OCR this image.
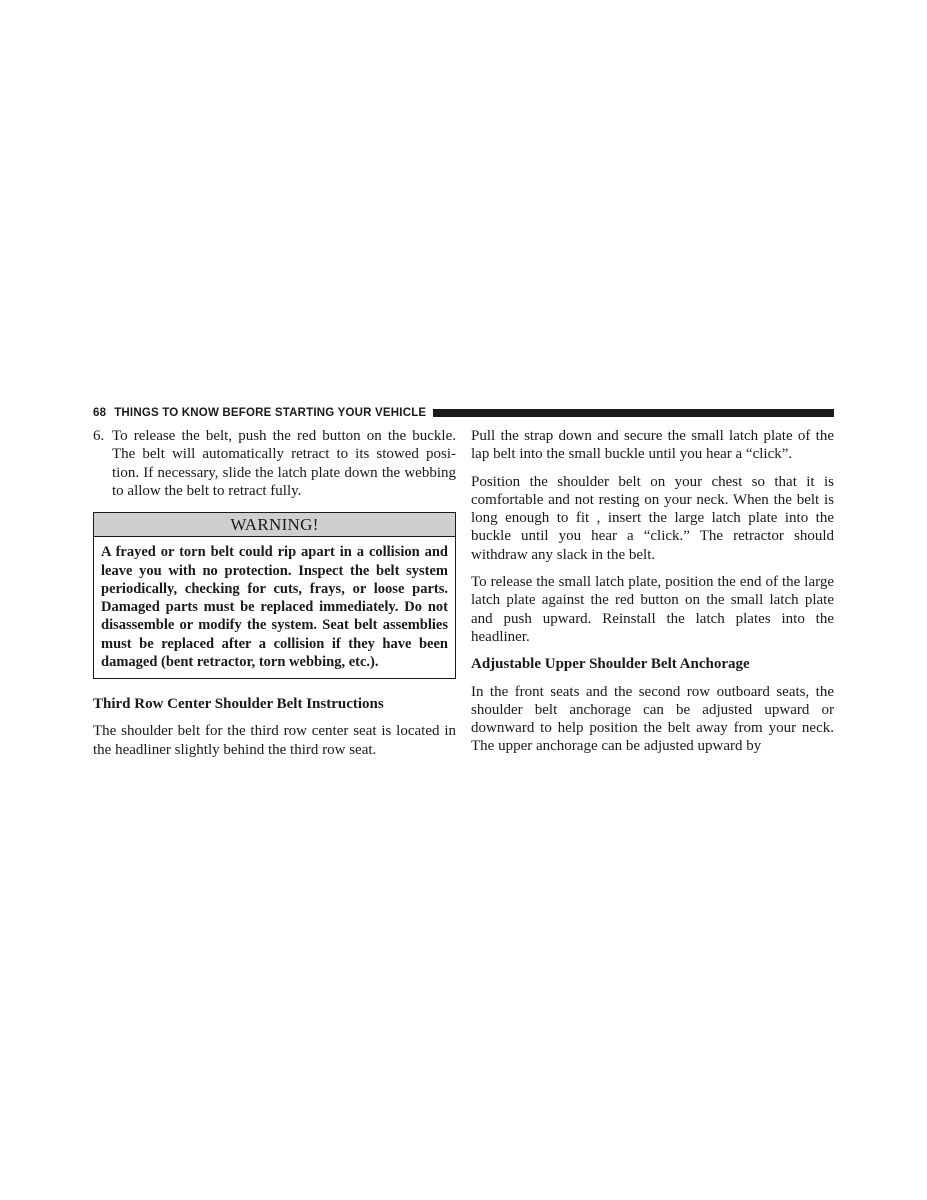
68 THINGS TO KNOW BEFORE STARTING YOUR VEHICLE
6. To release the belt, push the red button on the buckle. The belt will automatically retract to its stowed posi-tion. If necessary, slide the latch plate down the webbing to allow the belt to retract fully.
WARNING!
A frayed or torn belt could rip apart in a collision and leave you with no protection. Inspect the belt system periodically, checking for cuts, frays, or loose parts. Damaged parts must be replaced immediately. Do not disassemble or modify the system. Seat belt assemblies must be replaced after a collision if they have been damaged (bent retractor, torn webbing, etc.).
Third Row Center Shoulder Belt Instructions

The shoulder belt for the third row center seat is located in the headliner slightly behind the third row seat.

Pull the strap down and secure the small latch plate of the lap belt into the small buckle until you hear a “click”.

Position the shoulder belt on your chest so that it is comfortable and not resting on your neck. When the belt is long enough to fit , insert the large latch plate into the buckle until you hear a “click.” The retractor should withdraw any slack in the belt.

To release the small latch plate, position the end of the large latch plate against the red button on the small latch plate and push upward. Reinstall the latch plates into the headliner.

Adjustable Upper Shoulder Belt Anchorage

In the front seats and the second row outboard seats, the shoulder belt anchorage can be adjusted upward or downward to help position the belt away from your neck. The upper anchorage can be adjusted upward by
